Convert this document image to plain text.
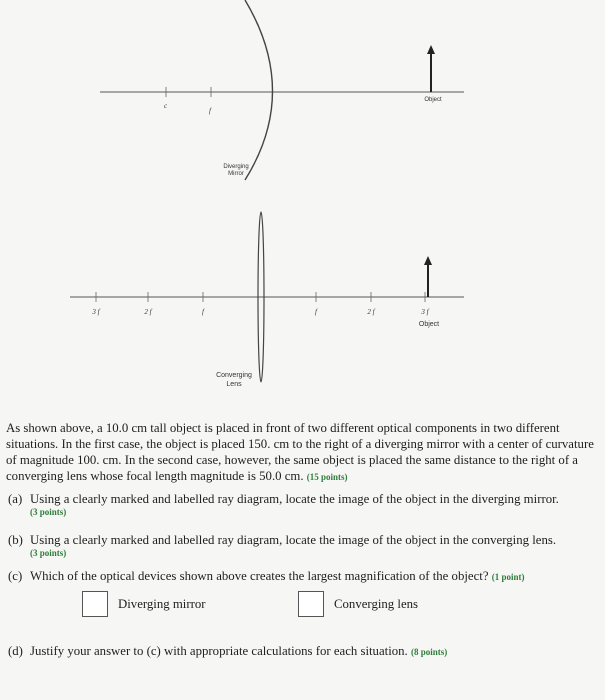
c
f
Diverging
Mirror
Object
3 f	2 f	f	f	2 f	3 f
Object
Converging
Lens

As shown above, a 10.0 cm tall object is placed in front of two different optical components in two different situations. In the first case, the object is placed 150. cm to the right of a diverging mirror with a center of curvature of magnitude 100. cm. In the second case, however, the same object is placed the same distance to the right of a converging lens whose focal length magnitude is 50.0 cm. (15 points)

(a) Using a clearly marked and labelled ray diagram, locate the image of the object in the diverging mirror.
(3 points)
(b) Using a clearly marked and labelled ray diagram, locate the image of the object in the converging lens.
(3 points)
(c) Which of the optical devices shown above creates the largest magnification of the object? (1 point)
Diverging mirror	Converging lens
(d) Justify your answer to (c) with appropriate calculations for each situation. (8 points)
